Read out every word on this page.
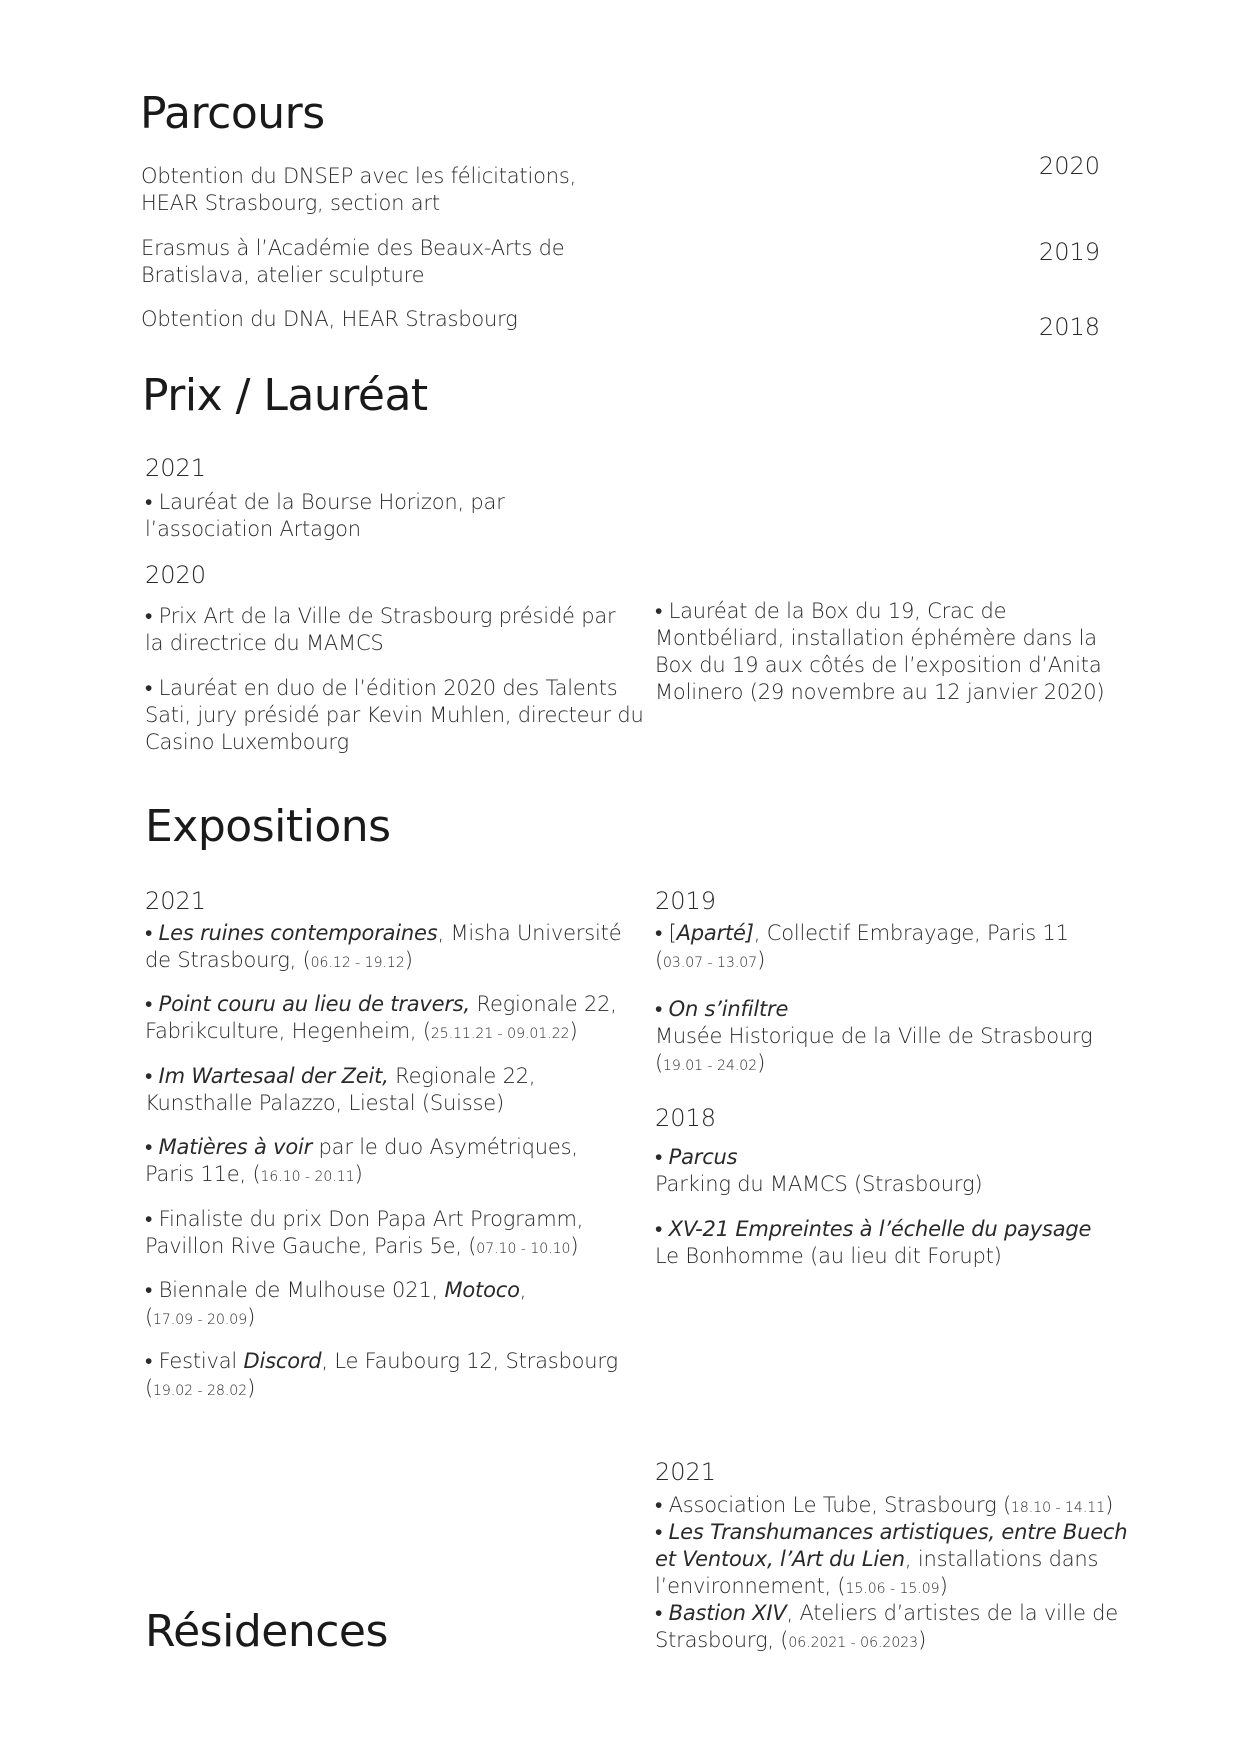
Parcours
Obtention du DNSEP avec les félicitations,
HEAR Strasbourg, section art
2020
Erasmus à l’Académie des Beaux-Arts de
Bratislava, atelier sculpture
2019
Obtention du DNA, HEAR Strasbourg	2018
Prix / Lauréat
2021
• Lauréat de la Bourse Horizon, par
l’association Artagon
2020
• Prix Art de la Ville de Strasbourg présidé par
la directrice du MAMCS
• Lauréat en duo de l’édition 2020 des Talents
Sati, jury présidé par Kevin Muhlen, directeur du
Casino Luxembourg
• Lauréat de la Box du 19, Crac de
Montbéliard, installation éphémère dans la
Box du 19 aux côtés de l’exposition d’Anita
Molinero (29 novembre au 12 janvier 2020)
Expositions
2021
• Les ruines contemporaines, Misha Université
de Strasbourg, (06.12 - 19.12)
• Point couru au lieu de travers, Regionale 22,
Fabrikculture, Hegenheim, (25.11.21 - 09.01.22)
• Im Wartesaal der Zeit, Regionale 22,
Kunsthalle Palazzo, Liestal (Suisse)
• Matières à voir par le duo Asymétriques,
Paris 11e, (16.10 - 20.11)
• Finaliste du prix Don Papa Art Programm,
Pavillon Rive Gauche, Paris 5e, (07.10 - 10.10)
• Biennale de Mulhouse 021, Motoco,
(17.09 - 20.09)
• Festival Discord, Le Faubourg 12, Strasbourg
(19.02 - 28.02)
2019
• [Aparté], Collectif Embrayage, Paris 11
(03.07 - 13.07)
• On s’infiltre
Musée Historique de la Ville de Strasbourg
(19.01 - 24.02)
2018
• Parcus
Parking du MAMCS (Strasbourg)
• XV-21 Empreintes à l’échelle du paysage
Le Bonhomme (au lieu dit Forupt)
Résidences
2021
• Association Le Tube, Strasbourg (18.10 - 14.11)
• Les Transhumances artistiques, entre Buech
et Ventoux, l’Art du Lien, installations dans
l’environnement, (15.06 - 15.09)
• Bastion XIV, Ateliers d’artistes de la ville de
Strasbourg, (06.2021 - 06.2023)
